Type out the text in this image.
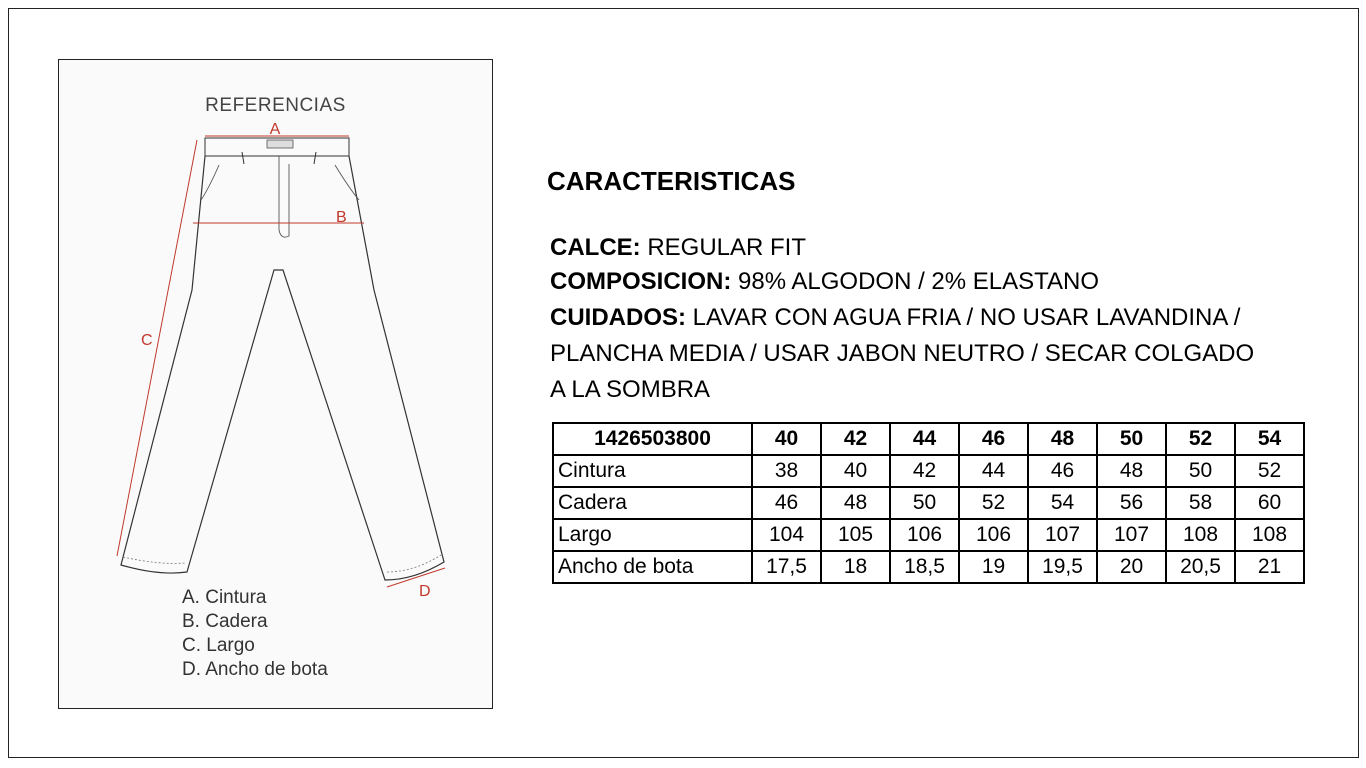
REFERENCIAS
A
B
C
D
A. Cintura
B. Cadera
C. Largo
D. Ancho de bota
CARACTERISTICAS
CALCE: REGULAR FIT
COMPOSICION: 98% ALGODON / 2% ELASTANO
CUIDADOS: LAVAR CON AGUA FRIA / NO USAR LAVANDINA /
PLANCHA MEDIA / USAR JABON NEUTRO / SECAR COLGADO
A LA SOMBRA
1426503800	40	42	44	46	48	50	52	54
Cintura	38	40	42	44	46	48	50	52
Cadera	46	48	50	52	54	56	58	60
Largo	104	105	106	106	107	107	108	108
Ancho de bota	17,5	18	18,5	19	19,5	20	20,5	21
